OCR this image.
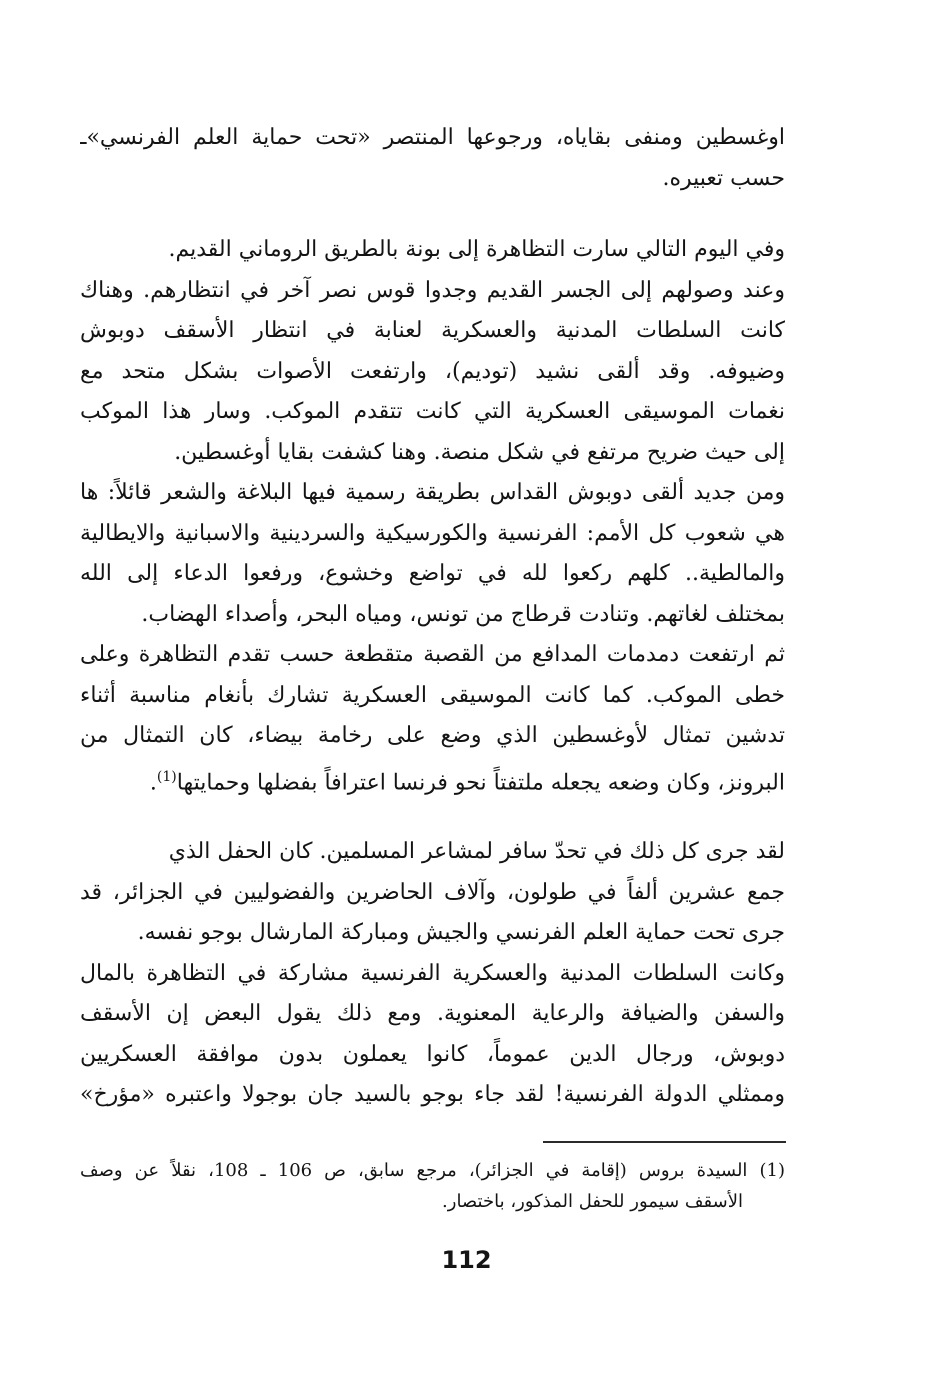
اوغسطين ومنفى بقاياه، ورجوعها المنتصر «تحت حماية العلم الفرنسي»ـ
حسب تعبيره.
وفي اليوم التالي سارت التظاهرة إلى بونة بالطريق الروماني القديم.
وعند وصولهم إلى الجسر القديم وجدوا قوس نصر آخر في انتظارهم. وهناك
كانت السلطات المدنية والعسكرية لعنابة في انتظار الأسقف دوبوش
وضيوفه. وقد ألقى نشيد (توديم)، وارتفعت الأصوات بشكل متحد مع
نغمات الموسيقى العسكرية التي كانت تتقدم الموكب. وسار هذا الموكب
إلى حيث ضريح مرتفع في شكل منصة. وهنا كشفت بقايا أوغسطين.
ومن جديد ألقى دوبوش القداس بطريقة رسمية فيها البلاغة والشعر قائلاً: ها
هي شعوب كل الأمم: الفرنسية والكورسيكية والسردينية والاسبانية والايطالية
والمالطية.. كلهم ركعوا لله في تواضع وخشوع، ورفعوا الدعاء إلى الله
بمختلف لغاتهم. وتنادت قرطاج من تونس، ومياه البحر، وأصداء الهضاب.
ثم ارتفعت دمدمات المدافع من القصبة متقطعة حسب تقدم التظاهرة وعلى
خطى الموكب. كما كانت الموسيقى العسكرية تشارك بأنغام مناسبة أثناء
تدشين تمثال لأوغسطين الذي وضع على رخامة بيضاء، كان التمثال من
البرونز، وكان وضعه يجعله ملتفتاً نحو فرنسا اعترافاً بفضلها وحمايتها$^{(1)}$.
لقد جرى كل ذلك في تحدّ سافر لمشاعر المسلمين. كان الحفل الذي
جمع عشرين ألفاً في طولون، وآلاف الحاضرين والفضوليين في الجزائر، قد
جرى تحت حماية العلم الفرنسي والجيش ومباركة المارشال بوجو نفسه.
وكانت السلطات المدنية والعسكرية الفرنسية مشاركة في التظاهرة بالمال
والسفن والضيافة والرعاية المعنوية. ومع ذلك يقول البعض إن الأسقف
دوبوش، ورجال الدين عموماً، كانوا يعملون بدون موافقة العسكريين
وممثلي الدولة الفرنسية! لقد جاء بوجو بالسيد جان بوجولا واعتبره «مؤرخ»
(1) السيدة بروس (إقامة في الجزائر)، مرجع سابق، ص 106 ـ 108، نقلاً عن وصف
الأسقف سيمور للحفل المذكور، باختصار.
112
